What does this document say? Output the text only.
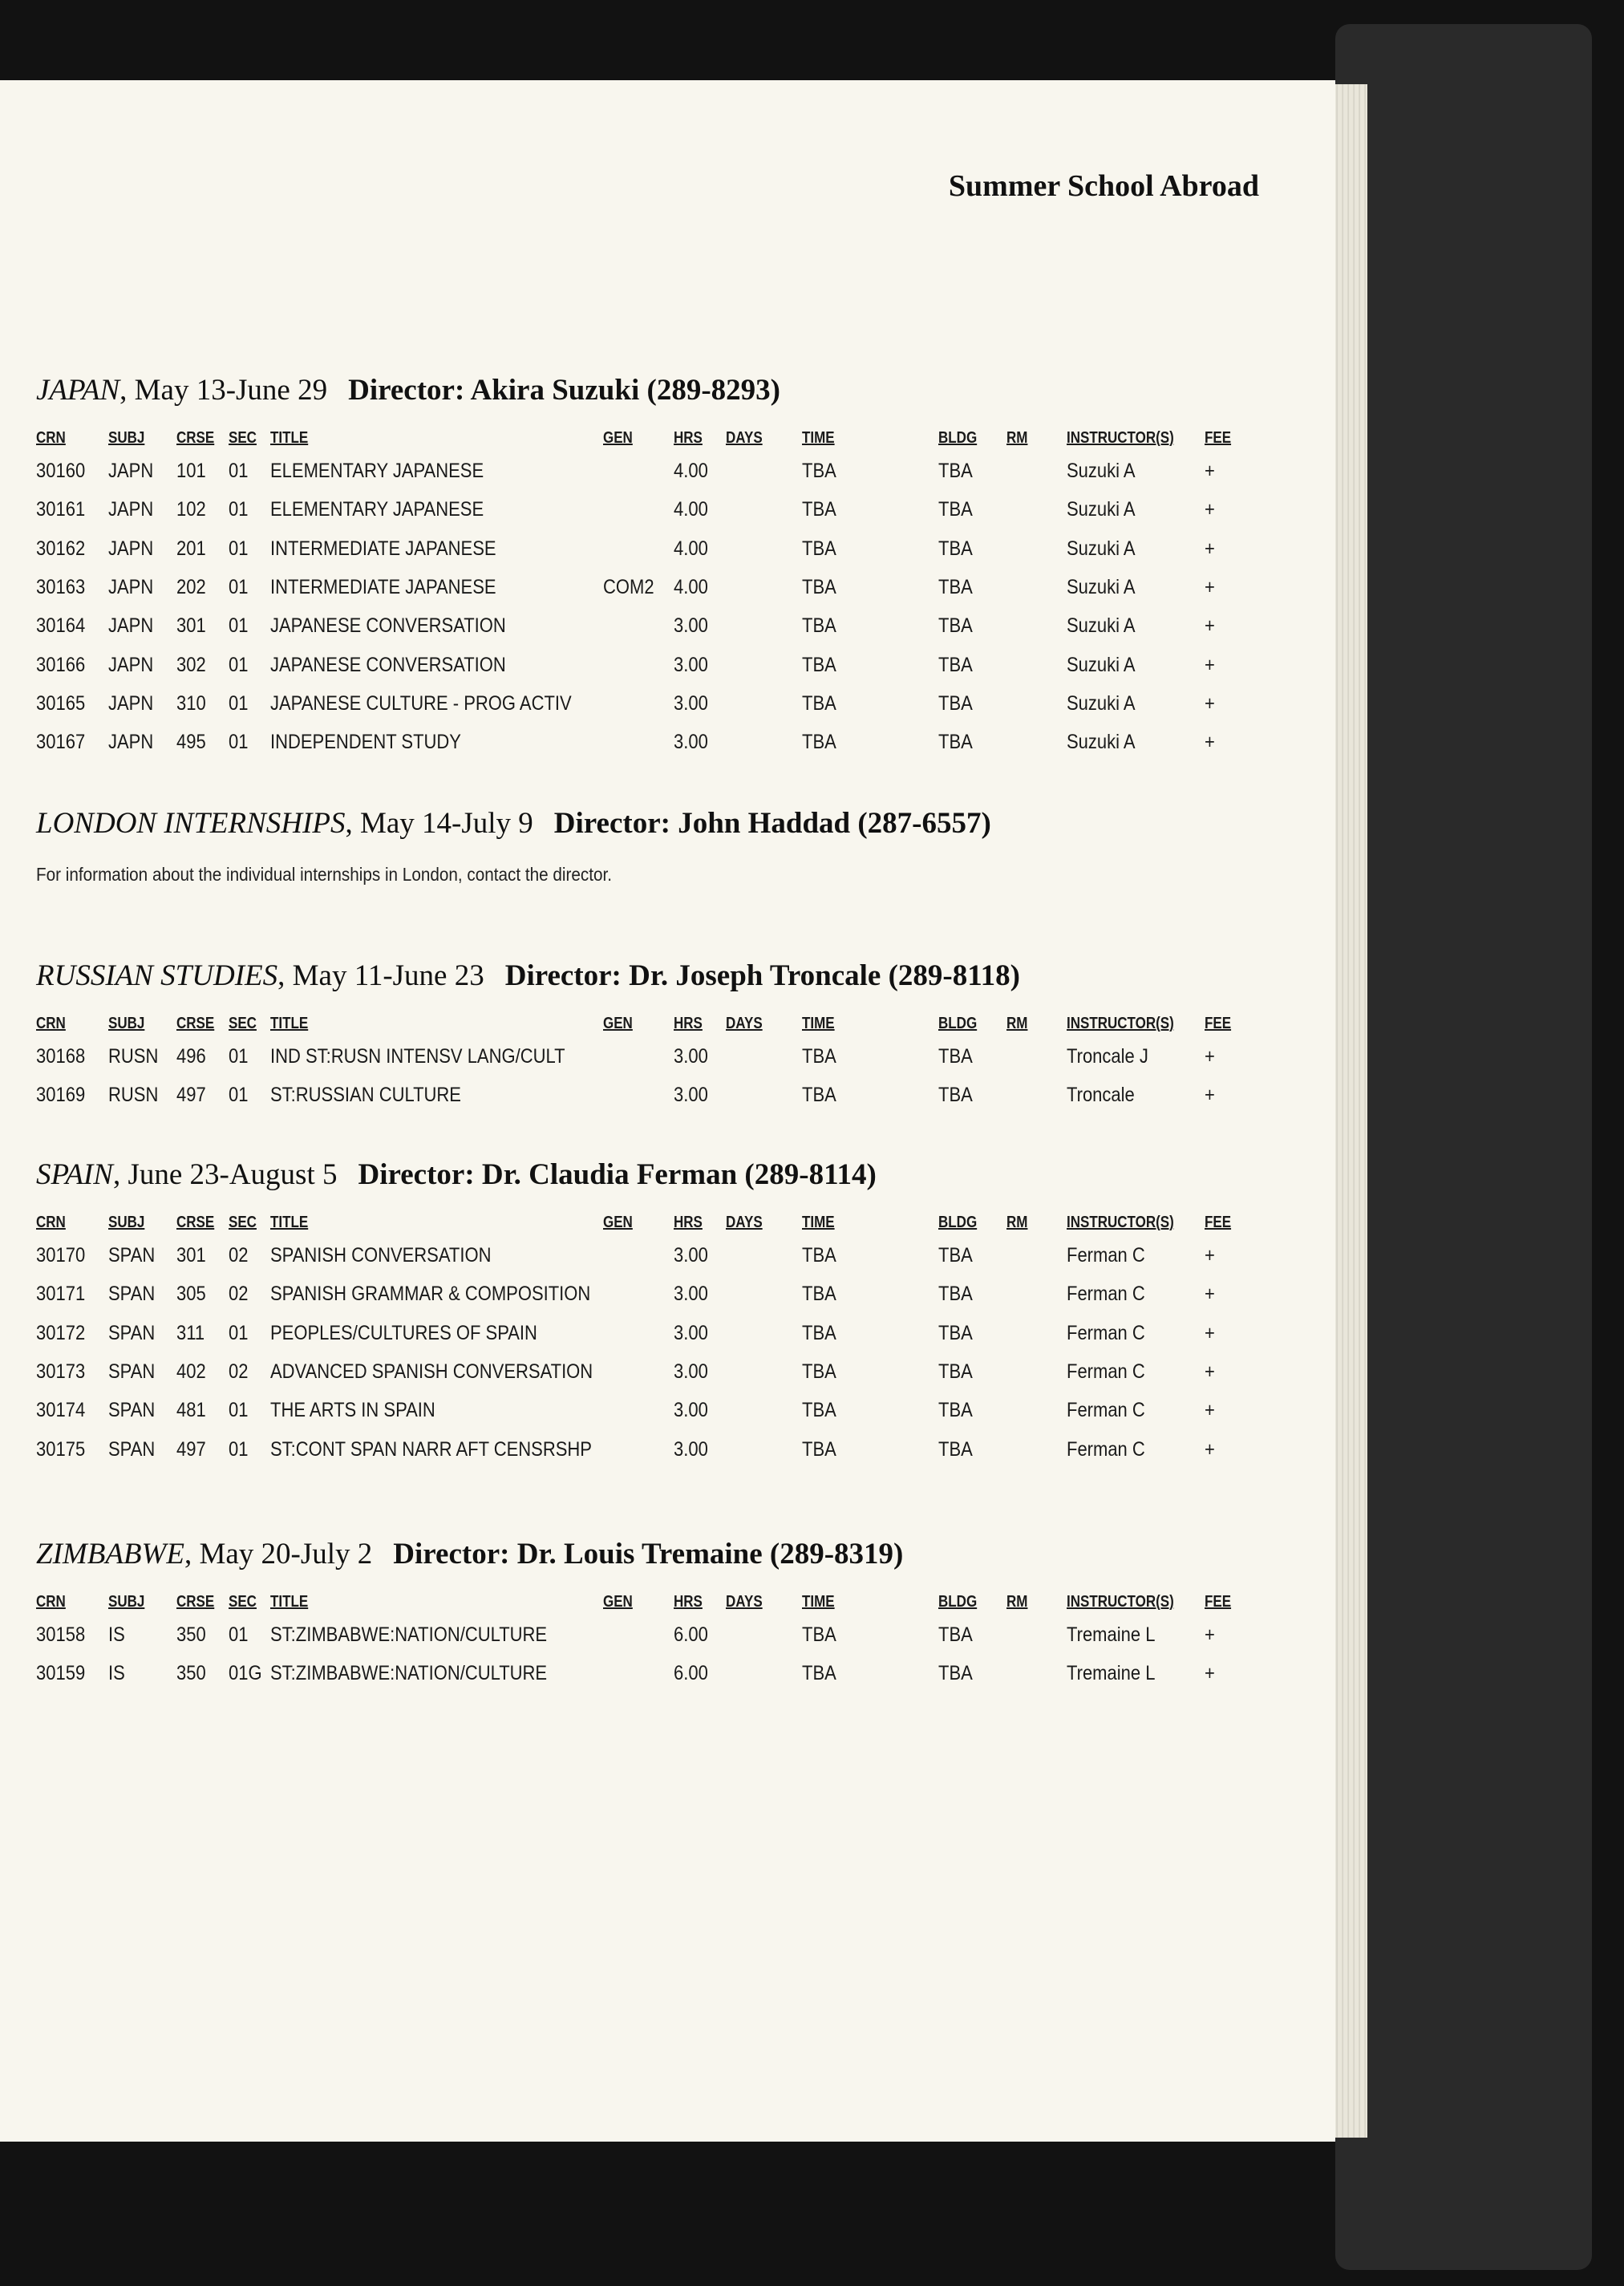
Summer School Abroad
JAPAN, May 13-June 29 Director: Akira Suzuki (289-8293)
CRN	SUBJ CRSE SEC TITLE	GEN	HRS DAYS TIME	BLDG RM INSTRUCTOR(S) FEE
30160 JAPN 101 01 ELEMENTARY JAPANESE	4.00	TBA	TBA	Suzuki A	+
30161 JAPN 102 01 ELEMENTARY JAPANESE	4.00	TBA	TBA	Suzuki A	+
30162 JAPN 201 01 INTERMEDIATE JAPANESE	4.00	TBA	TBA	Suzuki A	+
30163 JAPN 202 01 INTERMEDIATE JAPANESE	COM2 4.00	TBA	TBA	Suzuki A	+
30164 JAPN 301 01 JAPANESE CONVERSATION	3.00	TBA	TBA	Suzuki A	+
30166 JAPN 302 01 JAPANESE CONVERSATION	3.00	TBA	TBA	Suzuki A	+
30165 JAPN 310 01 JAPANESE CULTURE - PROG ACTIV	3.00	TBA	TBA	Suzuki A	+
30167 JAPN 495 01 INDEPENDENT STUDY	3.00	TBA	TBA	Suzuki A	+
LONDON INTERNSHIPS, May 14-July 9 Director: John Haddad (287-6557)
For information about the individual internships in London, contact the director.
RUSSIAN STUDIES, May 11-June 23 Director: Dr. Joseph Troncale (289-8118)
CRN	SUBJ CRSE SEC TITLE	GEN	HRS DAYS TIME	BLDG RM INSTRUCTOR(S) FEE
30168 RUSN 496 01 IND ST:RUSN INTENSV LANG/CULT	3.00	TBA	TBA	Troncale J	+
30169 RUSN 497 01 ST:RUSSIAN CULTURE	3.00	TBA	TBA	Troncale	+
SPAIN, June 23-August 5 Director: Dr. Claudia Ferman (289-8114)
CRN	SUBJ CRSE SEC TITLE	GEN	HRS DAYS TIME	BLDG RM INSTRUCTOR(S) FEE
30170 SPAN 301 02 SPANISH CONVERSATION	3.00	TBA	TBA	Ferman C	+
30171 SPAN 305 02 SPANISH GRAMMAR & COMPOSITION	3.00	TBA	TBA	Ferman C	+
30172 SPAN 311 01 PEOPLES/CULTURES OF SPAIN	3.00	TBA	TBA	Ferman C	+
30173 SPAN 402 02 ADVANCED SPANISH CONVERSATION	3.00	TBA	TBA	Ferman C	+
30174 SPAN 481 01 THE ARTS IN SPAIN	3.00	TBA	TBA	Ferman C	+
30175 SPAN 497 01 ST:CONT SPAN NARR AFT CENSRSHP	3.00	TBA	TBA	Ferman C	+
ZIMBABWE, May 20-July 2 Director: Dr. Louis Tremaine (289-8319)
CRN	SUBJ CRSE SEC TITLE	GEN	HRS DAYS TIME	BLDG RM INSTRUCTOR(S) FEE
30158 IS	350 01 ST:ZIMBABWE:NATION/CULTURE	6.00	TBA	TBA	Tremaine L +
30159 IS	350 01G ST:ZIMBABWE:NATION/CULTURE	6.00	TBA	TBA	Tremaine L +
